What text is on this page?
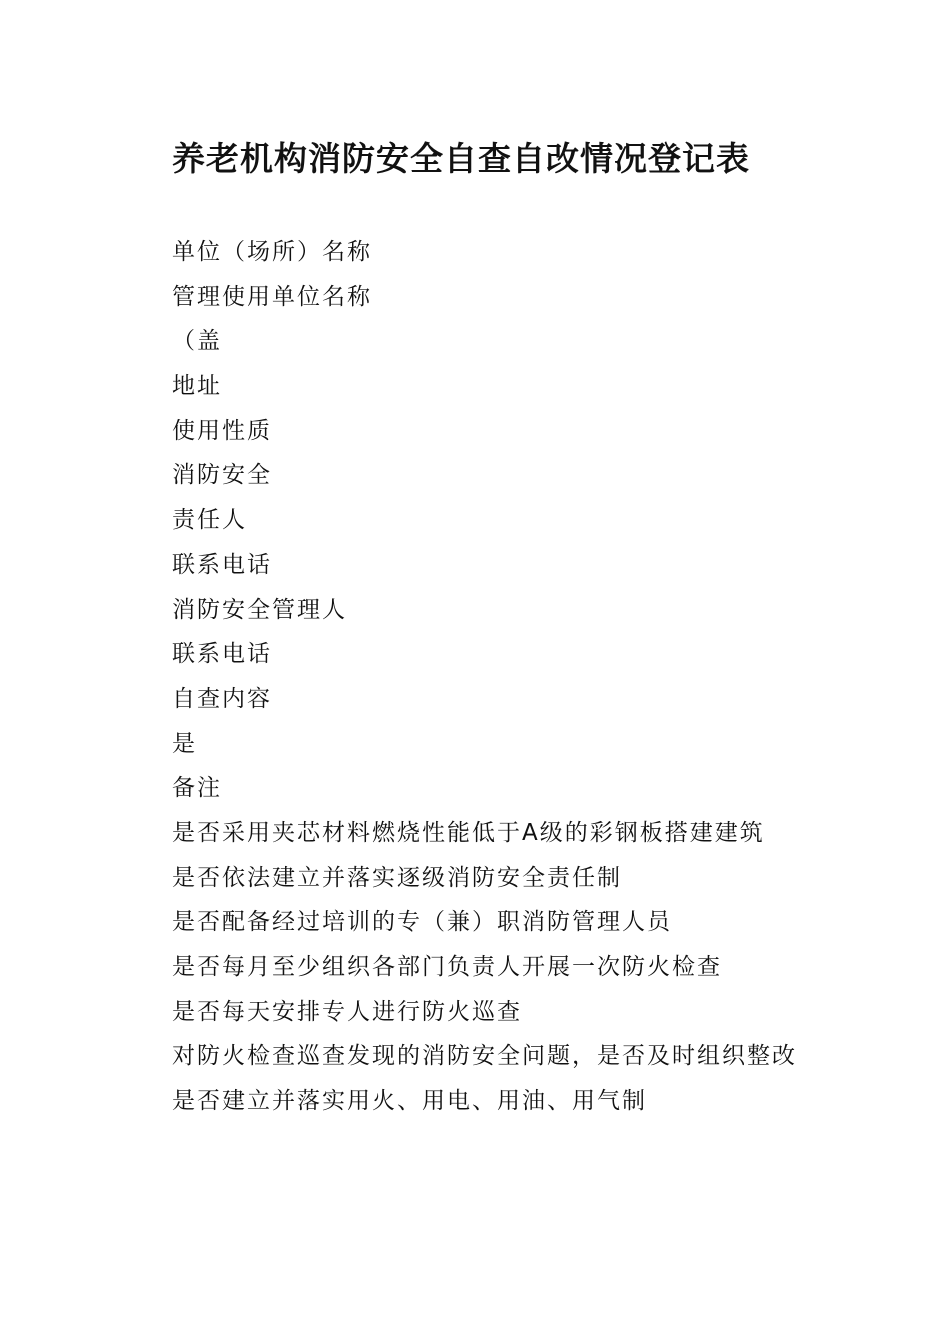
养老机构消防安全自查自改情况登记表
单位（场所）名称
管理使用单位名称
（盖
地址
使用性质
消防安全
责任人
联系电话
消防安全管理人
联系电话
自查内容
是
备注
是否采用夹芯材料燃烧性能低于A级的彩钢板搭建建筑
是否依法建立并落实逐级消防安全责任制
是否配备经过培训的专（兼）职消防管理人员
是否每月至少组织各部门负责人开展一次防火检查
是否每天安排专人进行防火巡查
对防火检查巡查发现的消防安全问题，是否及时组织整改
是否建立并落实用火、用电、用油、用气制
